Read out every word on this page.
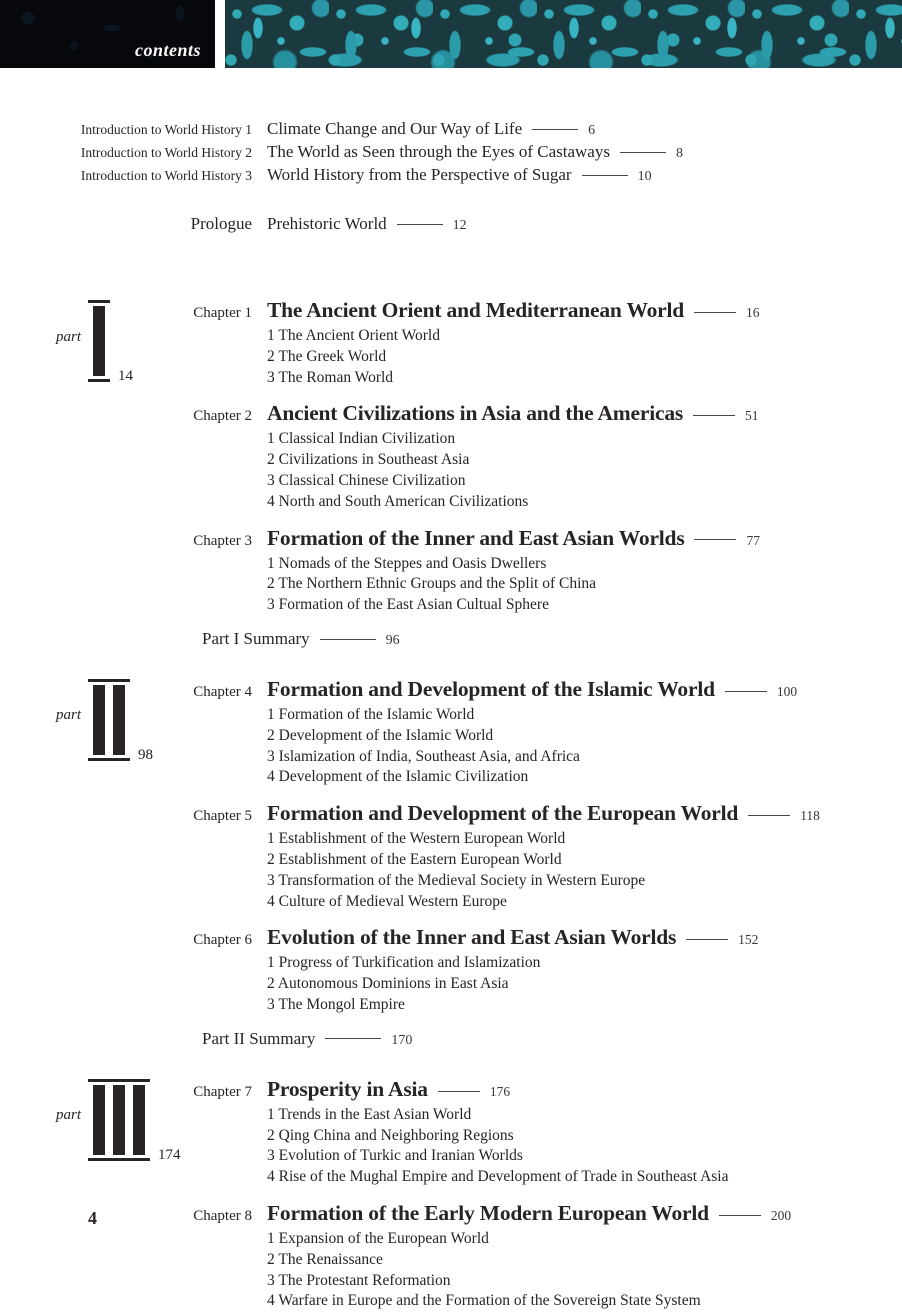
contents
Introduction to World History 1 Climate Change and Our Way of Life	6
Introduction to World History 2 The World as Seen through the Eyes of Castaways	8
Introduction to World History 3 World History from the Perspective of Sugar	10
Prologue Prehistoric World	12
part
14
Chapter 1 The Ancient Orient and Mediterranean World	16
1 The Ancient Orient World
2 The Greek World
3 The Roman World
Chapter 2 Ancient Civilizations in Asia and the Americas	51
1 Classical Indian Civilization
2 Civilizations in Southeast Asia
3 Classical Chinese Civilization
4 North and South American Civilizations
Chapter 3 Formation of the Inner and East Asian Worlds	77
1 Nomads of the Steppes and Oasis Dwellers
2 The Northern Ethnic Groups and the Split of China
3 Formation of the East Asian Cultual Sphere
Part I Summary	96
part
98
Chapter 4 Formation and Development of the Islamic World	100
1 Formation of the Islamic World
2 Development of the Islamic World
3 Islamization of India, Southeast Asia, and Africa
4 Development of the Islamic Civilization
Chapter 5 Formation and Development of the European World	118
1 Establishment of the Western European World
2 Establishment of the Eastern European World
3 Transformation of the Medieval Society in Western Europe
4 Culture of Medieval Western Europe
Chapter 6 Evolution of the Inner and East Asian Worlds	152
1 Progress of Turkification and Islamization
2 Autonomous Dominions in East Asia
3 The Mongol Empire
Part II Summary	170
part
174
Chapter 7 Prosperity in Asia	176
1 Trends in the East Asian World
2 Qing China and Neighboring Regions
3 Evolution of Turkic and Iranian Worlds
4 Rise of the Mughal Empire and Development of Trade in Southeast Asia
Chapter 8 Formation of the Early Modern European World	200
1 Expansion of the European World
2 The Renaissance
3 The Protestant Reformation
4 Warfare in Europe and the Formation of the Sovereign State System
4
